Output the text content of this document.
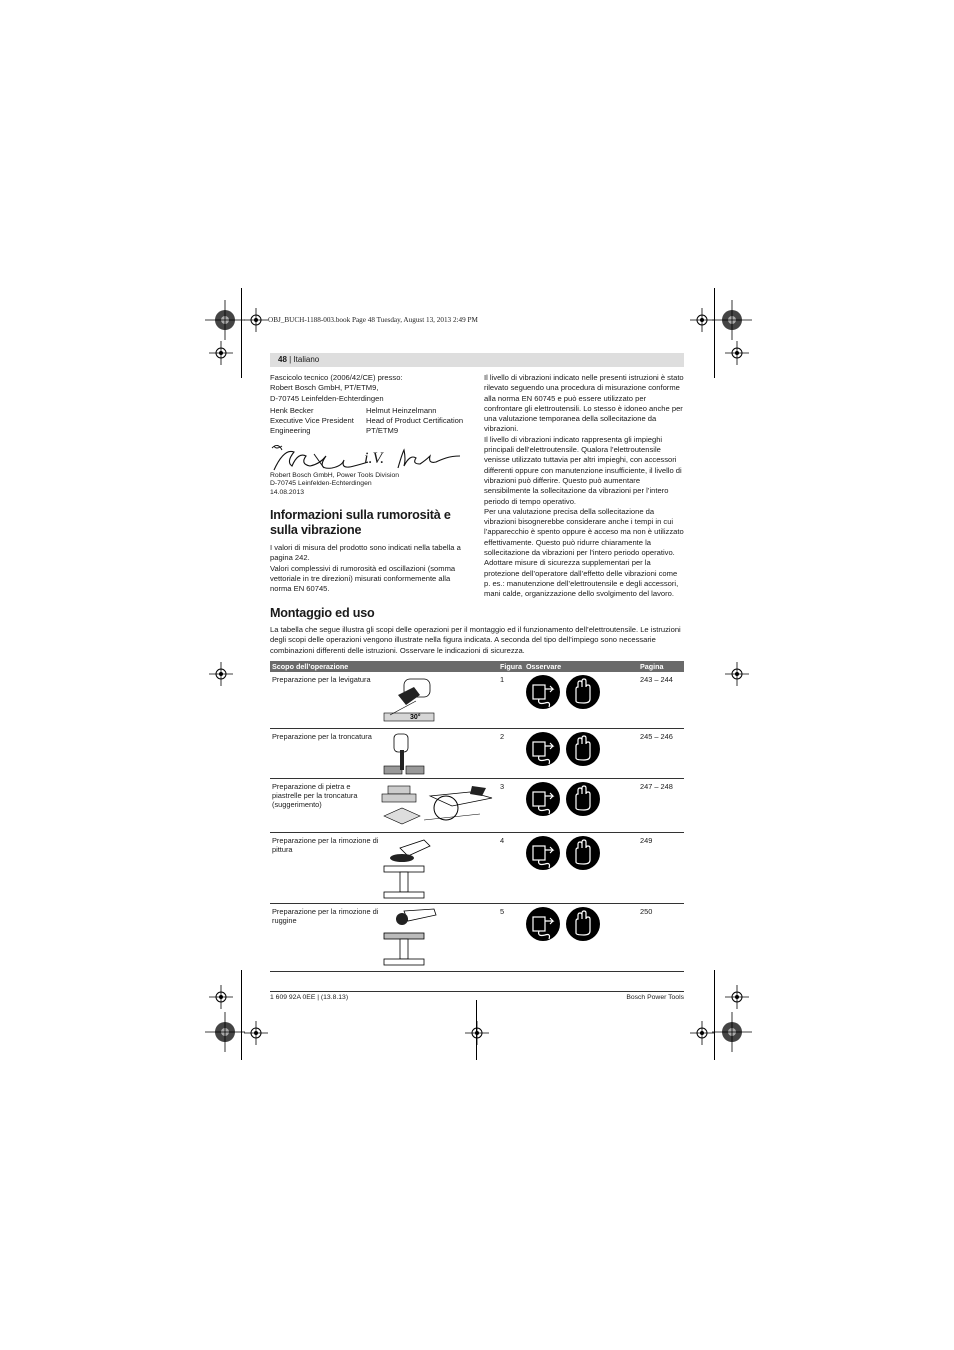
OBJ_BUCH-1188-003.book Page 48 Tuesday, August 13, 2013 2:49 PM
48 | Italiano
Fascicolo tecnico (2006/42/CE) presso:
Robert Bosch GmbH, PT/ETM9,
D-70745 Leinfelden-Echterdingen
Henk Becker
Executive Vice President
Engineering
Helmut Heinzelmann
Head of Product Certification
PT/ETM9
i.V.
Robert Bosch GmbH, Power Tools Division
D-70745 Leinfelden-Echterdingen
14.08.2013
Informazioni sulla rumorosità e sulla vibrazione

I valori di misura del prodotto sono indicati nella tabella a pagina 242.

Valori complessivi di rumorosità ed oscillazioni (somma vettoriale in tre direzioni) misurati conformemente alla norma EN 60745.

Il livello di vibrazioni indicato nelle presenti istruzioni è stato rilevato seguendo una procedura di misurazione conforme alla norma EN 60745 e può essere utilizzato per confrontare gli elettroutensili. Lo stesso è idoneo anche per una valutazione temporanea della sollecitazione da vibrazioni.

Il livello di vibrazioni indicato rappresenta gli impieghi principali dell’elettroutensile. Qualora l’elettroutensile venisse utilizzato tuttavia per altri impieghi, con accessori differenti oppure con manutenzione insufficiente, il livello di vibrazioni può differire. Questo può aumentare sensibilmente la sollecitazione da vibrazioni per l’intero periodo di tempo operativo.

Per una valutazione precisa della sollecitazione da vibrazioni bisognerebbe considerare anche i tempi in cui l’apparecchio è spento oppure è acceso ma non è utilizzato effettivamente. Questo può ridurre chiaramente la sollecitazione da vibrazioni per l’intero periodo operativo.

Adottare misure di sicurezza supplementari per la protezione dell’operatore dall’effetto delle vibrazioni come p. es.: manutenzione dell’elettroutensile e degli accessori, mani calde, organizzazione dello svolgimento del lavoro.

Montaggio ed uso
La tabella che segue illustra gli scopi delle operazioni per il montaggio ed il funzionamento dell’elettroutensile. Le istruzioni degli scopi delle operazioni vengono illustrate nella figura indicata. A seconda del tipo dell’impiego sono necessarie combinazioni differenti delle istruzioni. Osservare le indicazioni di sicurezza.
Scopo dell’operazione	Figura	Osservare	Pagina

Preparazione per la levigatura
30°	1		243 – 244

Preparazione per la troncatura	2		245 – 246

Preparazione di pietra e piastrelle per la troncatura (suggerimento)	3		247 – 248

Preparazione per la rimozione di pittura	4		249

Preparazione per la rimozione di ruggine	5		250
1 609 92A 0EE | (13.8.13)	Bosch Power Tools
